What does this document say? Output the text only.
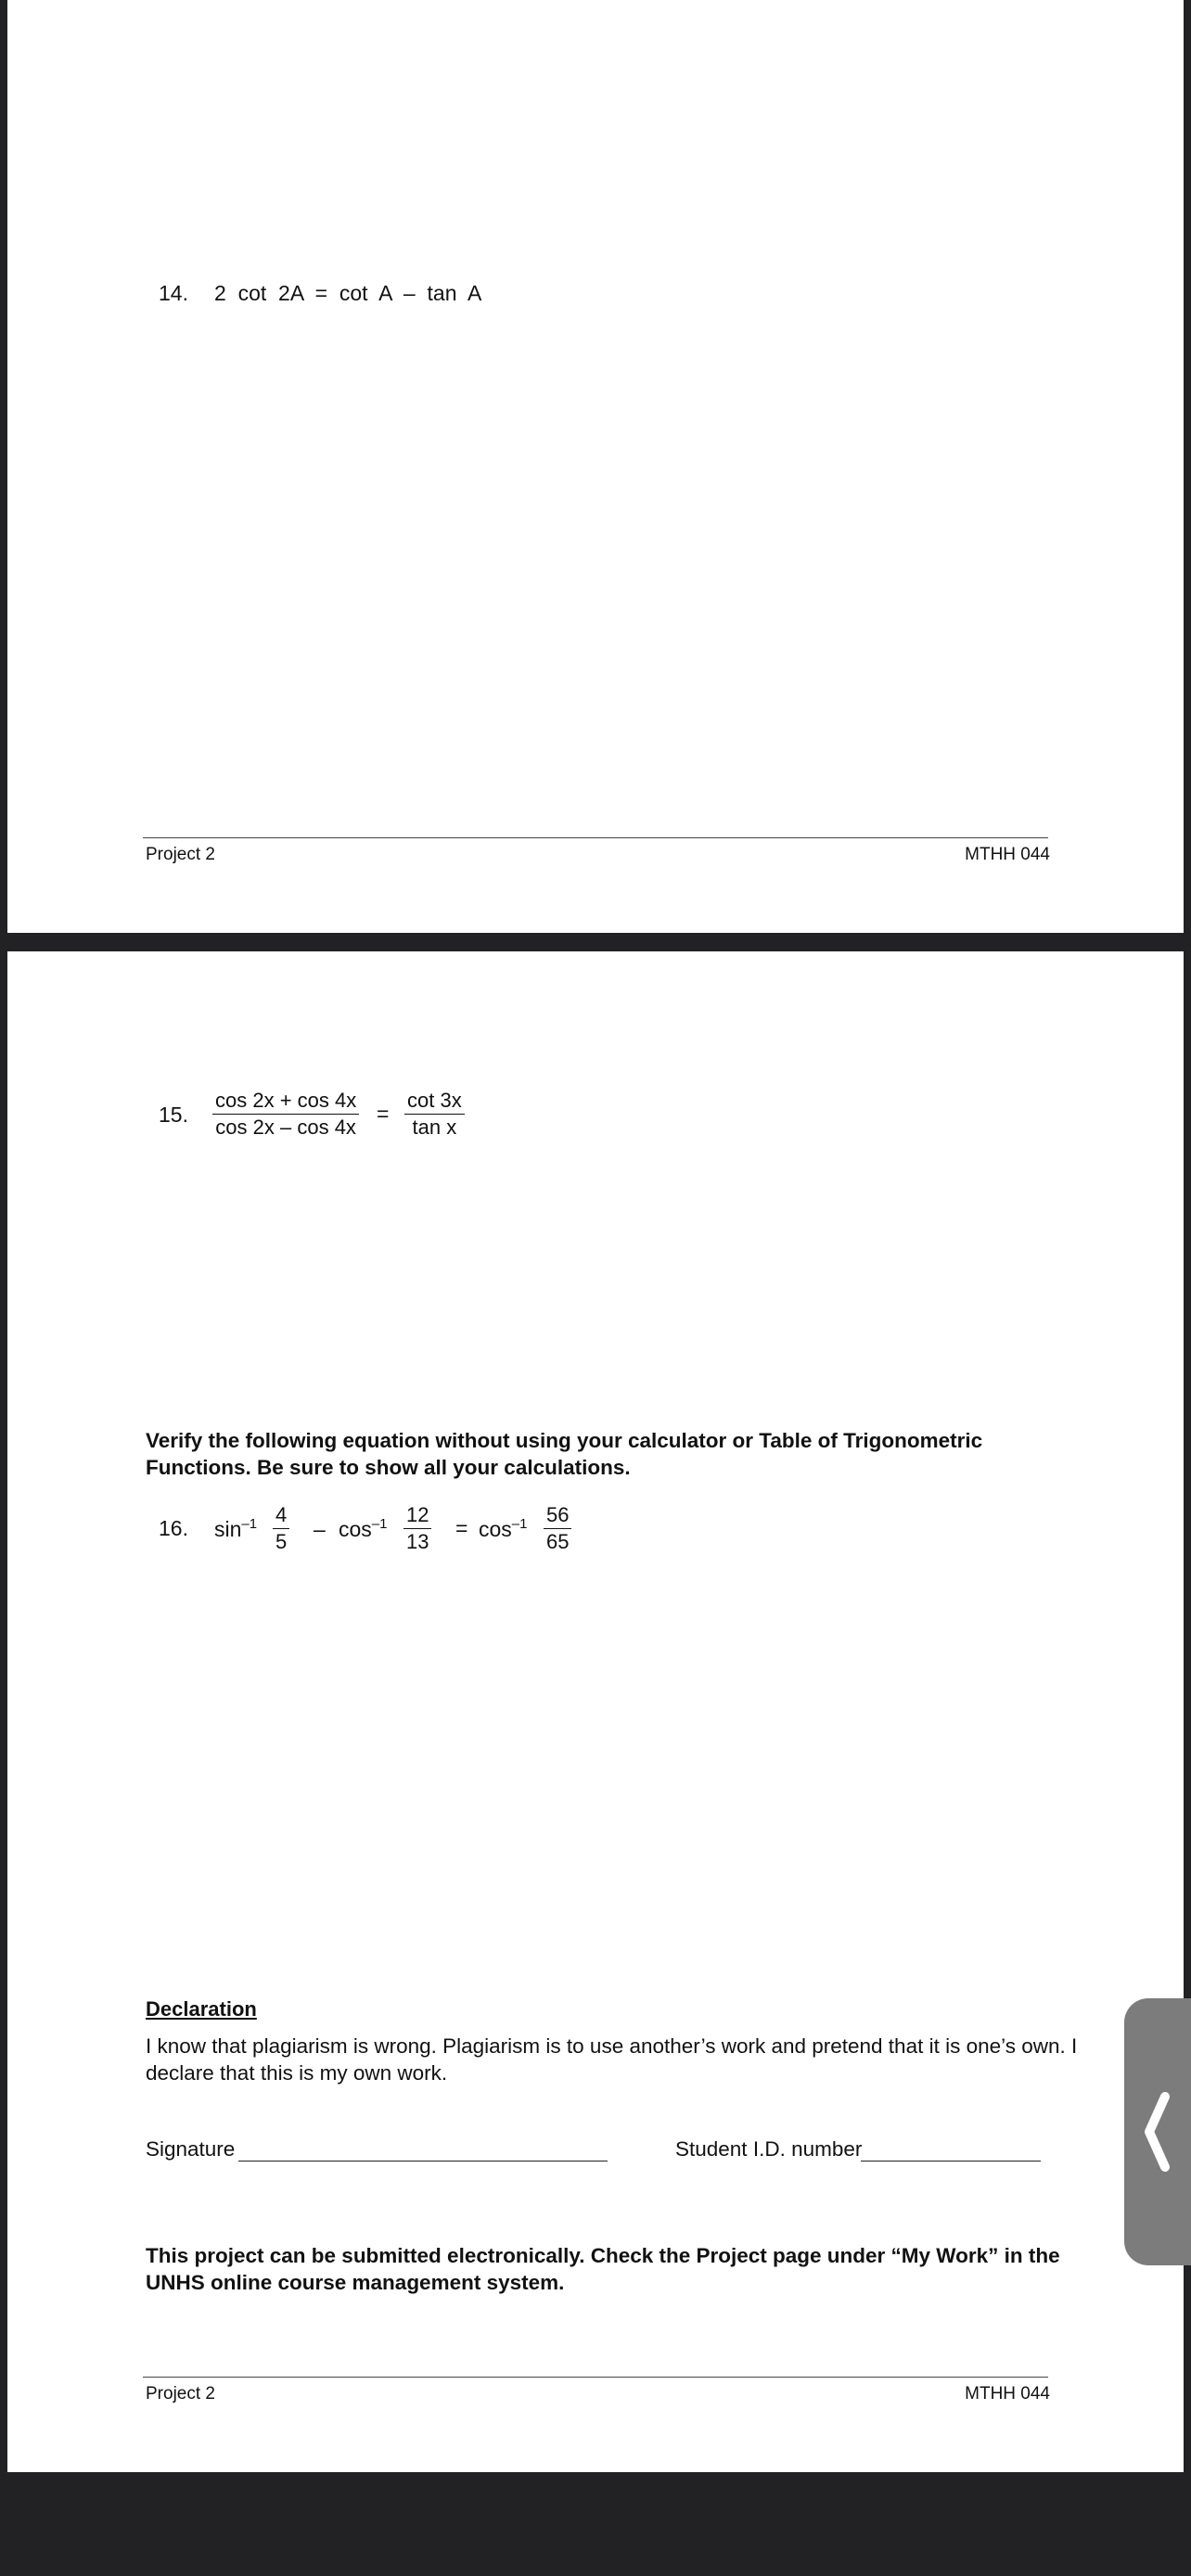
14. 2  cot  2A  =  cot  A  –  tan  A
Project 2	MTHH 044
15. $\frac{\cos 2x + \cos 4x}{\cos 2x - \cos 4x} = \frac{\cot 3x}{\text{tan x}}$
Verify the following equation without using your calculator or Table of Trigonometric Functions. Be sure to show all your calculations.
16. $\sin^{-1} \frac{4}{5} - \cos^{-1} \frac{12}{13} = \cos^{-1} \frac{56}{65}$
Declaration
I know that plagiarism is wrong. Plagiarism is to use another’s work and pretend that it is one’s own. I declare that this is my own work.
Signature	Student I.D. number
This project can be submitted electronically. Check the Project page under “My Work” in the UNHS online course management system.
Project 2	MTHH 044
